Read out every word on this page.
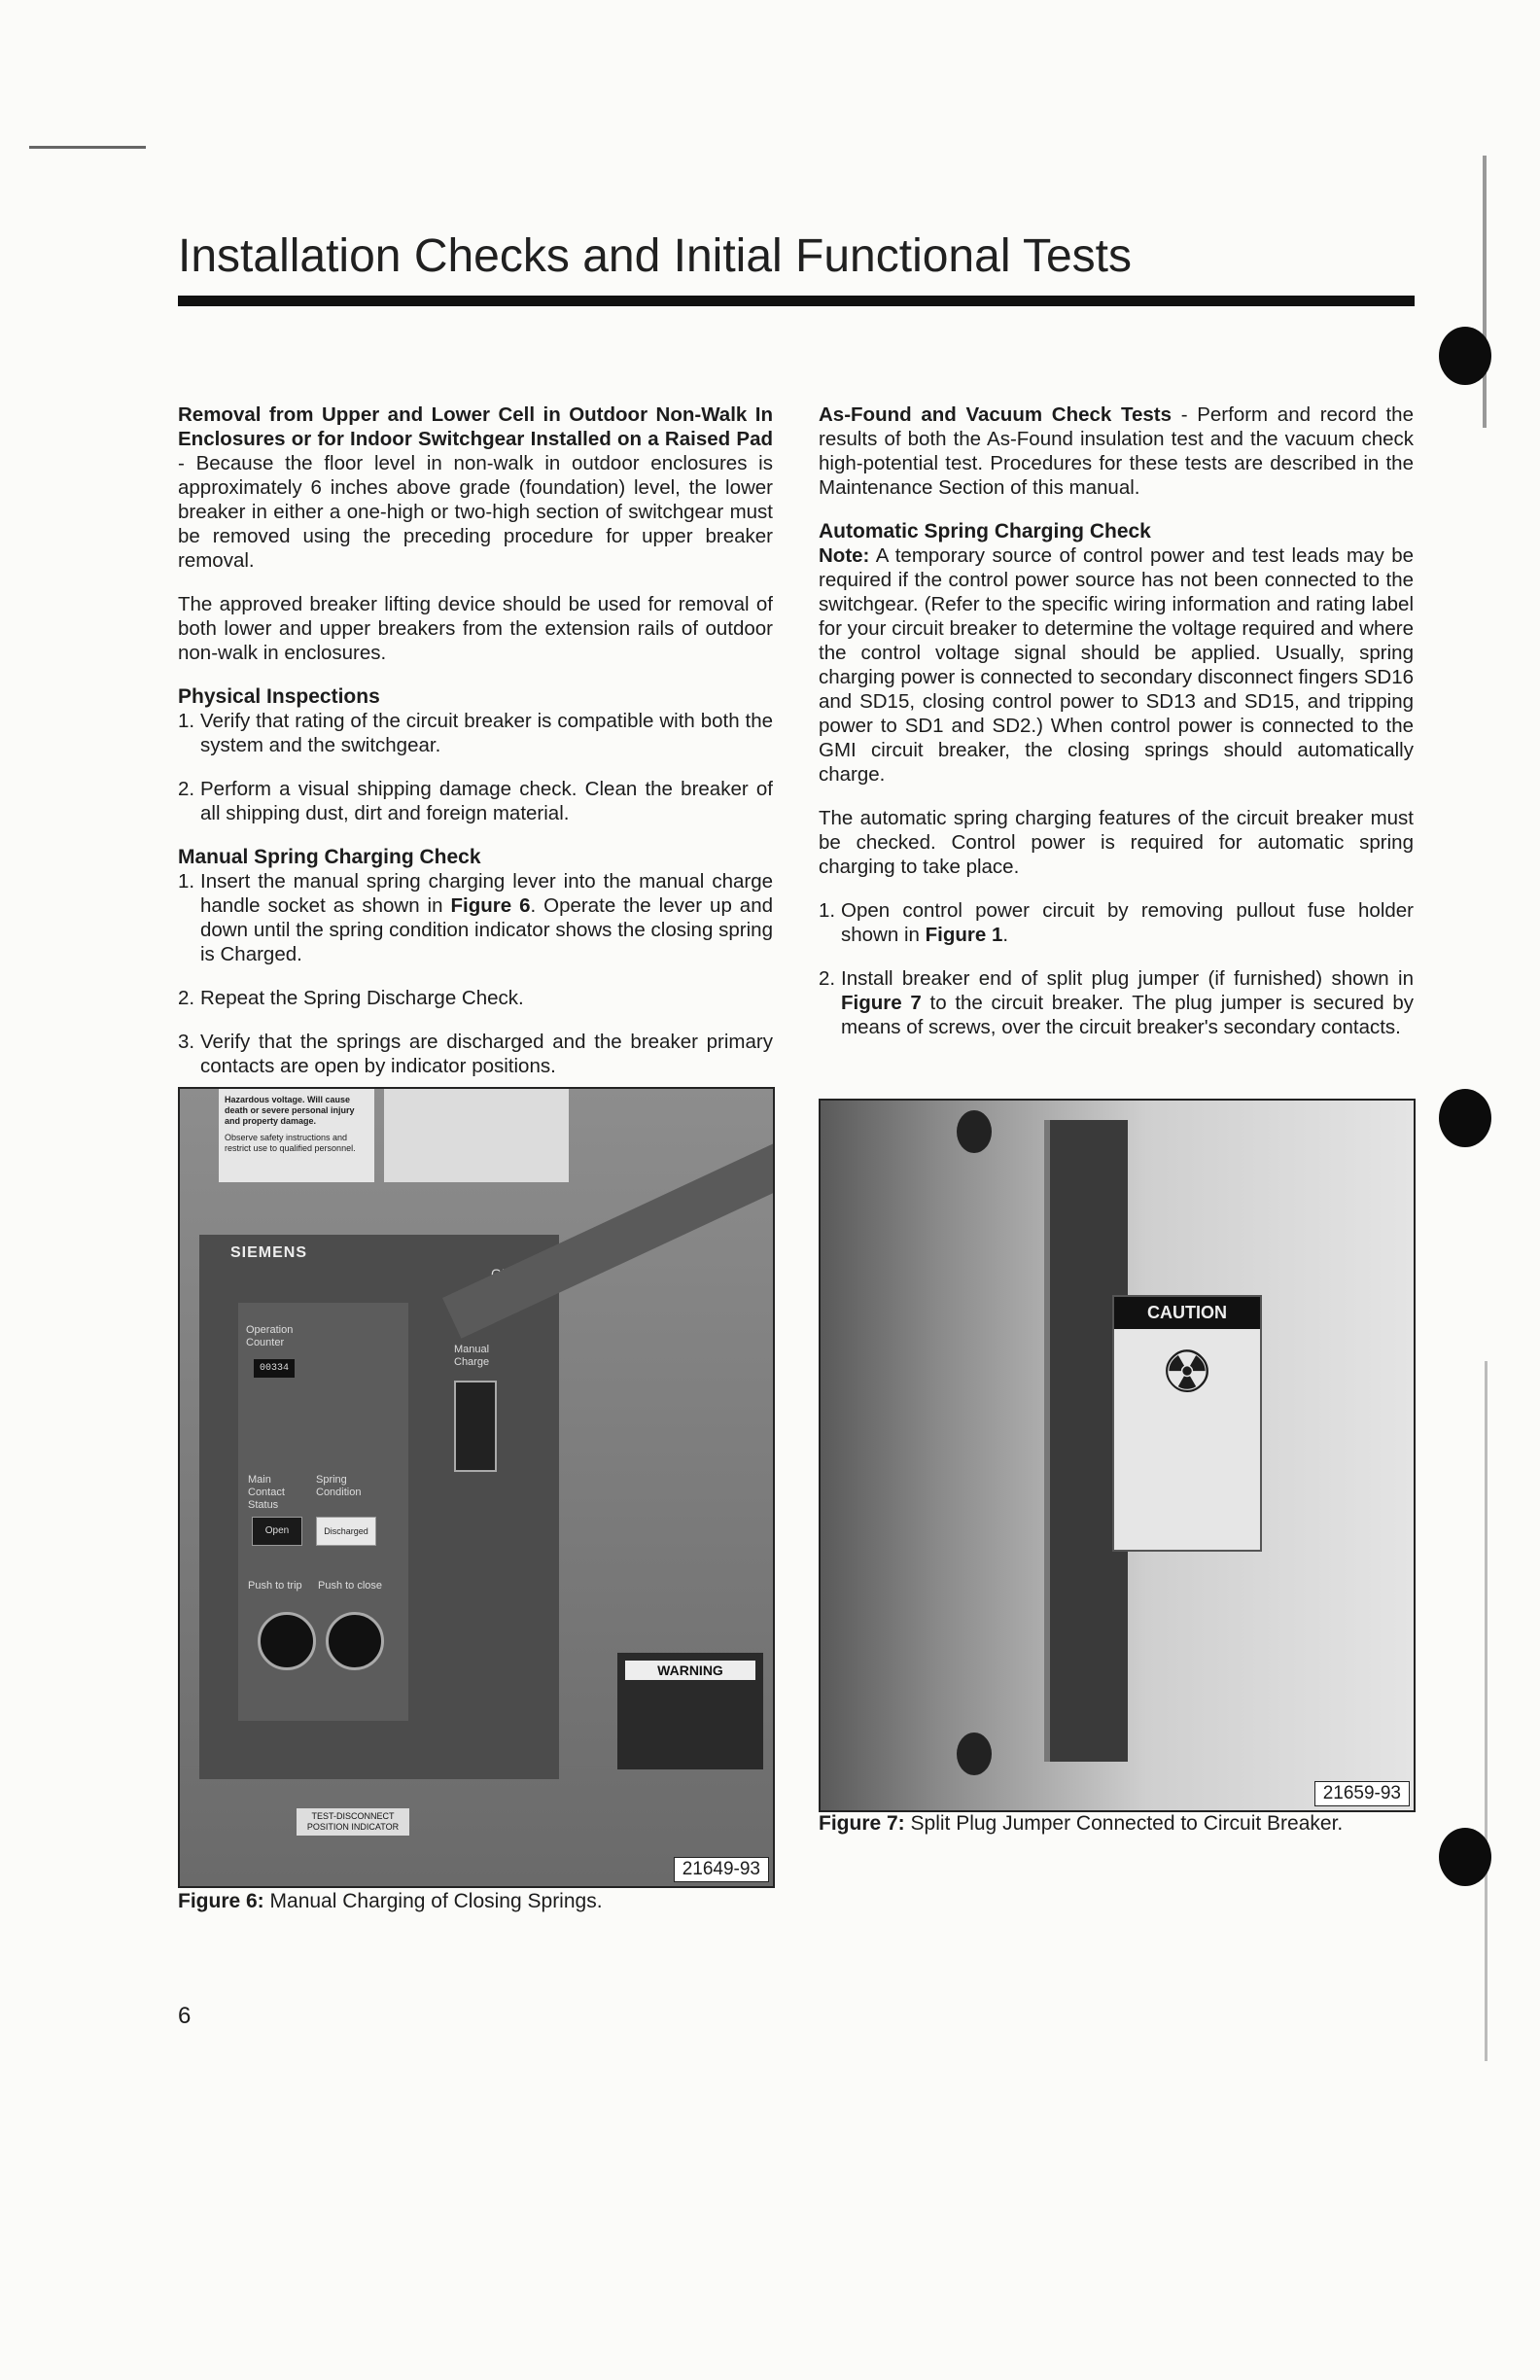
Installation Checks and Initial Functional Tests

Removal from Upper and Lower Cell in Outdoor Non-Walk In Enclosures or for Indoor Switchgear Installed on a Raised Pad - Because the floor level in non-walk in outdoor enclosures is approximately 6 inches above grade (foundation) level, the lower breaker in either a one-high or two-high section of switchgear must be removed using the preceding procedure for upper breaker removal.

The approved breaker lifting device should be used for removal of both lower and upper breakers from the extension rails of outdoor non-walk in enclosures.

Physical Inspections
1. Verify that rating of the circuit breaker is compatible with both the system and the switchgear.
2. Perform a visual shipping damage check. Clean the breaker of all shipping dust, dirt and foreign material.
Manual Spring Charging Check
1. Insert the manual spring charging lever into the manual charge handle socket as shown in Figure 6. Operate the lever up and down until the spring condition indicator shows the closing spring is Charged.
2. Repeat the Spring Discharge Check.
3. Verify that the springs are discharged and the breaker primary contacts are open by indicator positions.

As-Found and Vacuum Check Tests - Perform and record the results of both the As-Found insulation test and the vacuum check high-potential test. Procedures for these tests are described in the Maintenance Section of this manual.

Automatic Spring Charging Check

Note: A temporary source of control power and test leads may be required if the control power source has not been connected to the switchgear. (Refer to the specific wiring information and rating label for your circuit breaker to determine the voltage required and where the control voltage signal should be applied. Usually, spring charging power is connected to secondary disconnect fingers SD16 and SD15, closing control power to SD13 and SD15, and tripping power to SD1 and SD2.) When control power is connected to the GMI circuit breaker, the closing springs should automatically charge.

The automatic spring charging features of the circuit breaker must be checked. Control power is required for automatic spring charging to take place.

1. Open control power circuit by removing pullout fuse holder shown in Figure 1.
2. Install breaker end of split plug jumper (if furnished) shown in Figure 7 to the circuit breaker. The plug jumper is secured by means of screws, over the circuit breaker's secondary contacts.
Hazardous voltage. Will cause death or severe personal injury and property damage.
Observe safety instructions and restrict use to qualified personnel.
SIEMENS
Operation Counter
00334
Manual Charge
Main Contact Status
Spring Condition
Open	Discharged
Push to trip Push to close
WARNING
TEST-DISCONNECT POSITION INDICATOR
21649-93
Figure 6: Manual Charging of Closing Springs.
CAUTION
☢
21659-93
Figure 7: Split Plug Jumper Connected to Circuit Breaker.
6
